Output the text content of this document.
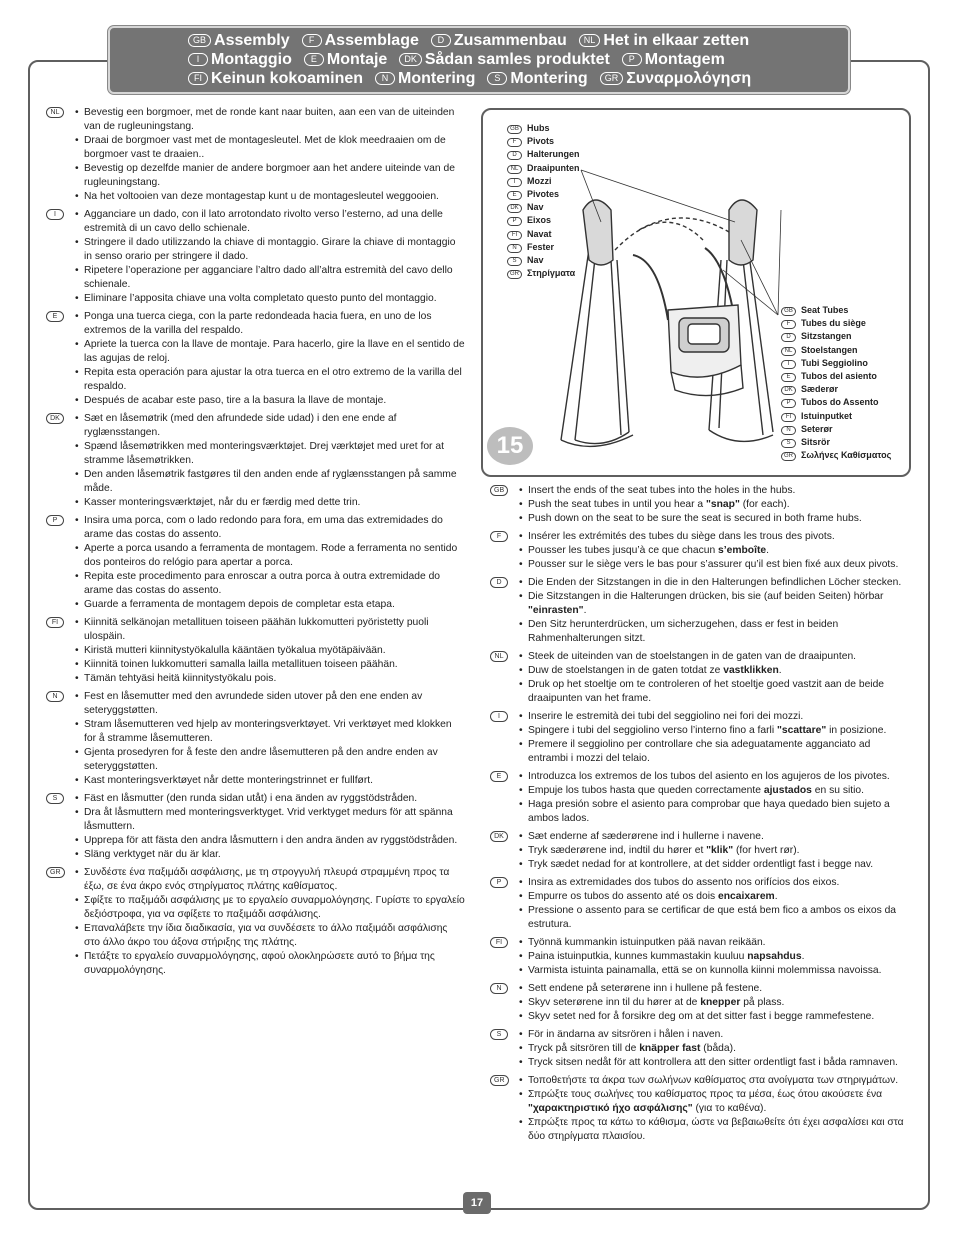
GB Assembly F Assemblage D Zusammenbau NL Het in elkaar zetten
I Montaggio E Montaje DK Sådan samles produktet P Montagem
FI Keinun kokoaminen N Montering S Montering GR Συναρμολόγηση
NL	• Bevestig een borgmoer, met de ronde kant naar buiten, aan een van de uiteinden van de rugleuningstang.
• Draai de borgmoer vast met de montagesleutel. Met de klok meedraaien om de borgmoer vast te draaien..
• Bevestig op dezelfde manier de andere borgmoer aan het andere uiteinde van de rugleuningstang.
• Na het voltooien van deze montagestap kunt u de montagesleutel weggooien.
I	• Agganciare un dado, con il lato arrotondato rivolto verso l’esterno, ad una delle estremità di un cavo dello schienale.
• Stringere il dado utilizzando la chiave di montaggio. Girare la chiave di montaggio in senso orario per stringere il dado.
• Ripetere l’operazione per agganciare l’altro dado all’altra estremità del cavo dello schienale.
• Eliminare l’apposita chiave una volta completato questo punto del montaggio.
E	• Ponga una tuerca ciega, con la parte redondeada hacia fuera, en uno de los extremos de la varilla del respaldo.
• Apriete la tuerca con la llave de montaje. Para hacerlo, gire la llave en el sentido de las agujas de reloj.
• Repita esta operación para ajustar la otra tuerca en el otro extremo de la varilla del respaldo.
• Después de acabar este paso, tire a la basura la llave de montaje.
DK	• Sæt en låsemøtrik (med den afrundede side udad) i den ene ende af ryglænsstangen.
• Spænd låsemøtrikken med monteringsværktøjet. Drej værktøjet med uret for at stramme låsemøtrikken.
• Den anden låsemøtrik fastgøres til den anden ende af ryglænsstangen på samme måde.
• Kasser monteringsværktøjet, når du er færdig med dette trin.
P	• Insira uma porca, com o lado redondo para fora, em uma das extremidades do arame das costas do assento.
• Aperte a porca usando a ferramenta de montagem. Rode a ferramenta no sentido dos ponteiros do relógio para apertar a porca.
• Repita este procedimento para enroscar a outra porca à outra extremidade do arame das costas do assento.
• Guarde a ferramenta de montagem depois de completar esta etapa.
FI	• Kiinnitä selkänojan metallituen toiseen päähän lukkomutteri pyöristetty puoli ulospäin.
• Kiristä mutteri kiinnitystyökalulla kääntäen työkalua myötäpäivään.
• Kiinnitä toinen lukkomutteri samalla lailla metallituen toiseen päähän.
• Tämän tehtyäsi heitä kiinnitystyökalu pois.
N	• Fest en låsemutter med den avrundede siden utover på den ene enden av seteryggstøtten.
• Stram låsemutteren ved hjelp av monteringsverktøyet. Vri verktøyet med klokken for å stramme låsemutteren.
• Gjenta prosedyren for å feste den andre låsemutteren på den andre enden av seteryggstøtten.
• Kast monteringsverktøyet når dette monteringstrinnet er fullført.
S	• Fäst en låsmutter (den runda sidan utåt) i ena änden av ryggstödstråden.
• Dra åt låsmuttern med monteringsverktyget. Vrid verktyget medurs för att spänna låsmuttern.
• Upprepa för att fästa den andra låsmuttern i den andra änden av ryggstödstråden.
• Släng verktyget när du är klar.
GR	• Συνδέστε ένα παξιμάδι ασφάλισης, με τη στρογγυλή πλευρά στραμμένη προς τα έξω, σε ένα άκρο ενός στηρίγματος πλάτης καθίσματος.
• Σφίξτε το παξιμάδι ασφάλισης με το εργαλείο συναρμολόγησης. Γυρίστε το εργαλείο δεξιόστροφα, για να σφίξετε το παξιμάδι ασφάλισης.
• Επαναλάβετε την ίδια διαδικασία, για να συνδέσετε το άλλο παξιμάδι ασφάλισης στο άλλο άκρο του άξονα στήριξης της πλάτης.
• Πετάξτε το εργαλείο συναρμολόγησης, αφού ολοκληρώσετε αυτό το βήμα της συναρμολόγησης.
GB Hubs
F Pivots
D Halterungen
NL Draaipunten
I Mozzi
E Pivotes
DK Nav
P Eixos
FI Navat
N Fester
S Nav
GR Στηρίγματα
GB Seat Tubes
F Tubes du siège
D Sitzstangen
NL Stoelstangen
I Tubi Seggiolino
E Tubos del asiento
DK Sæderør
P Tubos do Assento
FI Istuinputket
N Seterør
S Sitsrör
GR Σωλήνες Καθίσματος
15
GB	• Insert the ends of the seat tubes into the holes in the hubs.
• Push the seat tubes in until you hear a "snap" (for each).
• Push down on the seat to be sure the seat is secured in both frame hubs.
F	• Insérer les extrémités des tubes du siège dans les trous des pivots.
• Pousser les tubes jusqu’à ce que chacun s’emboîte.
• Pousser sur le siège vers le bas pour s’assurer qu’il est bien fixé aux deux pivots.
D	• Die Enden der Sitzstangen in die in den Halterungen befindlichen Löcher stecken.
• Die Sitzstangen in die Halterungen drücken, bis sie (auf beiden Seiten) hörbar "einrasten".
• Den Sitz herunterdrücken, um sicherzugehen, dass er fest in beiden Rahmenhalterungen sitzt.
NL	• Steek de uiteinden van de stoelstangen in de gaten van de draaipunten.
• Duw de stoelstangen in de gaten totdat ze vastklikken.
• Druk op het stoeltje om te controleren of het stoeltje goed vastzit aan de beide draaipunten van het frame.
I	• Inserire le estremità dei tubi del seggiolino nei fori dei mozzi.
• Spingere i tubi del seggiolino verso l’interno fino a farli "scattare" in posizione.
• Premere il seggiolino per controllare che sia adeguatamente agganciato ad entrambi i mozzi del telaio.
E	• Introduzca los extremos de los tubos del asiento en los agujeros de los pivotes.
• Empuje los tubos hasta que queden correctamente ajustados en su sitio.
• Haga presión sobre el asiento para comprobar que haya quedado bien sujeto a ambos lados.
DK	• Sæt enderne af sæderørene ind i hullerne i navene.
• Tryk sæderørene ind, indtil du hører et "klik" (for hvert rør).
• Tryk sædet nedad for at kontrollere, at det sidder ordentligt fast i begge nav.
P	• Insira as extremidades dos tubos do assento nos orifícios dos eixos.
• Empurre os tubos do assento até os dois encaixarem.
• Pressione o assento para se certificar de que está bem fico a ambos os eixos da estrutura.
FI	• Työnnä kummankin istuinputken pää navan reikään.
• Paina istuinputkia, kunnes kummastakin kuuluu napsahdus.
• Varmista istuinta painamalla, että se on kunnolla kiinni molemmissa navoissa.
N	• Sett endene på seterørene inn i hullene på festene.
• Skyv seterørene inn til du hører at de knepper på plass.
• Skyv setet ned for å forsikre deg om at det sitter fast i begge rammefestene.
S	• För in ändarna av sitsrören i hålen i naven.
• Tryck på sitsrören till de knäpper fast (båda).
• Tryck sitsen nedåt för att kontrollera att den sitter ordentligt fast i båda ramnaven.
GR	• Τοποθετήστε τα άκρα των σωλήνων καθίσματος στα ανοίγματα των στηριγμάτων.
• Σπρώξτε τους σωλήνες του καθίσματος προς τα μέσα, έως ότου ακούσετε ένα "χαρακτηριστικό ήχο ασφάλισης" (για το καθένα).
• Σπρώξτε προς τα κάτω το κάθισμα, ώστε να βεβαιωθείτε ότι έχει ασφαλίσει και στα δύο στηρίγματα πλαισίου.
17
